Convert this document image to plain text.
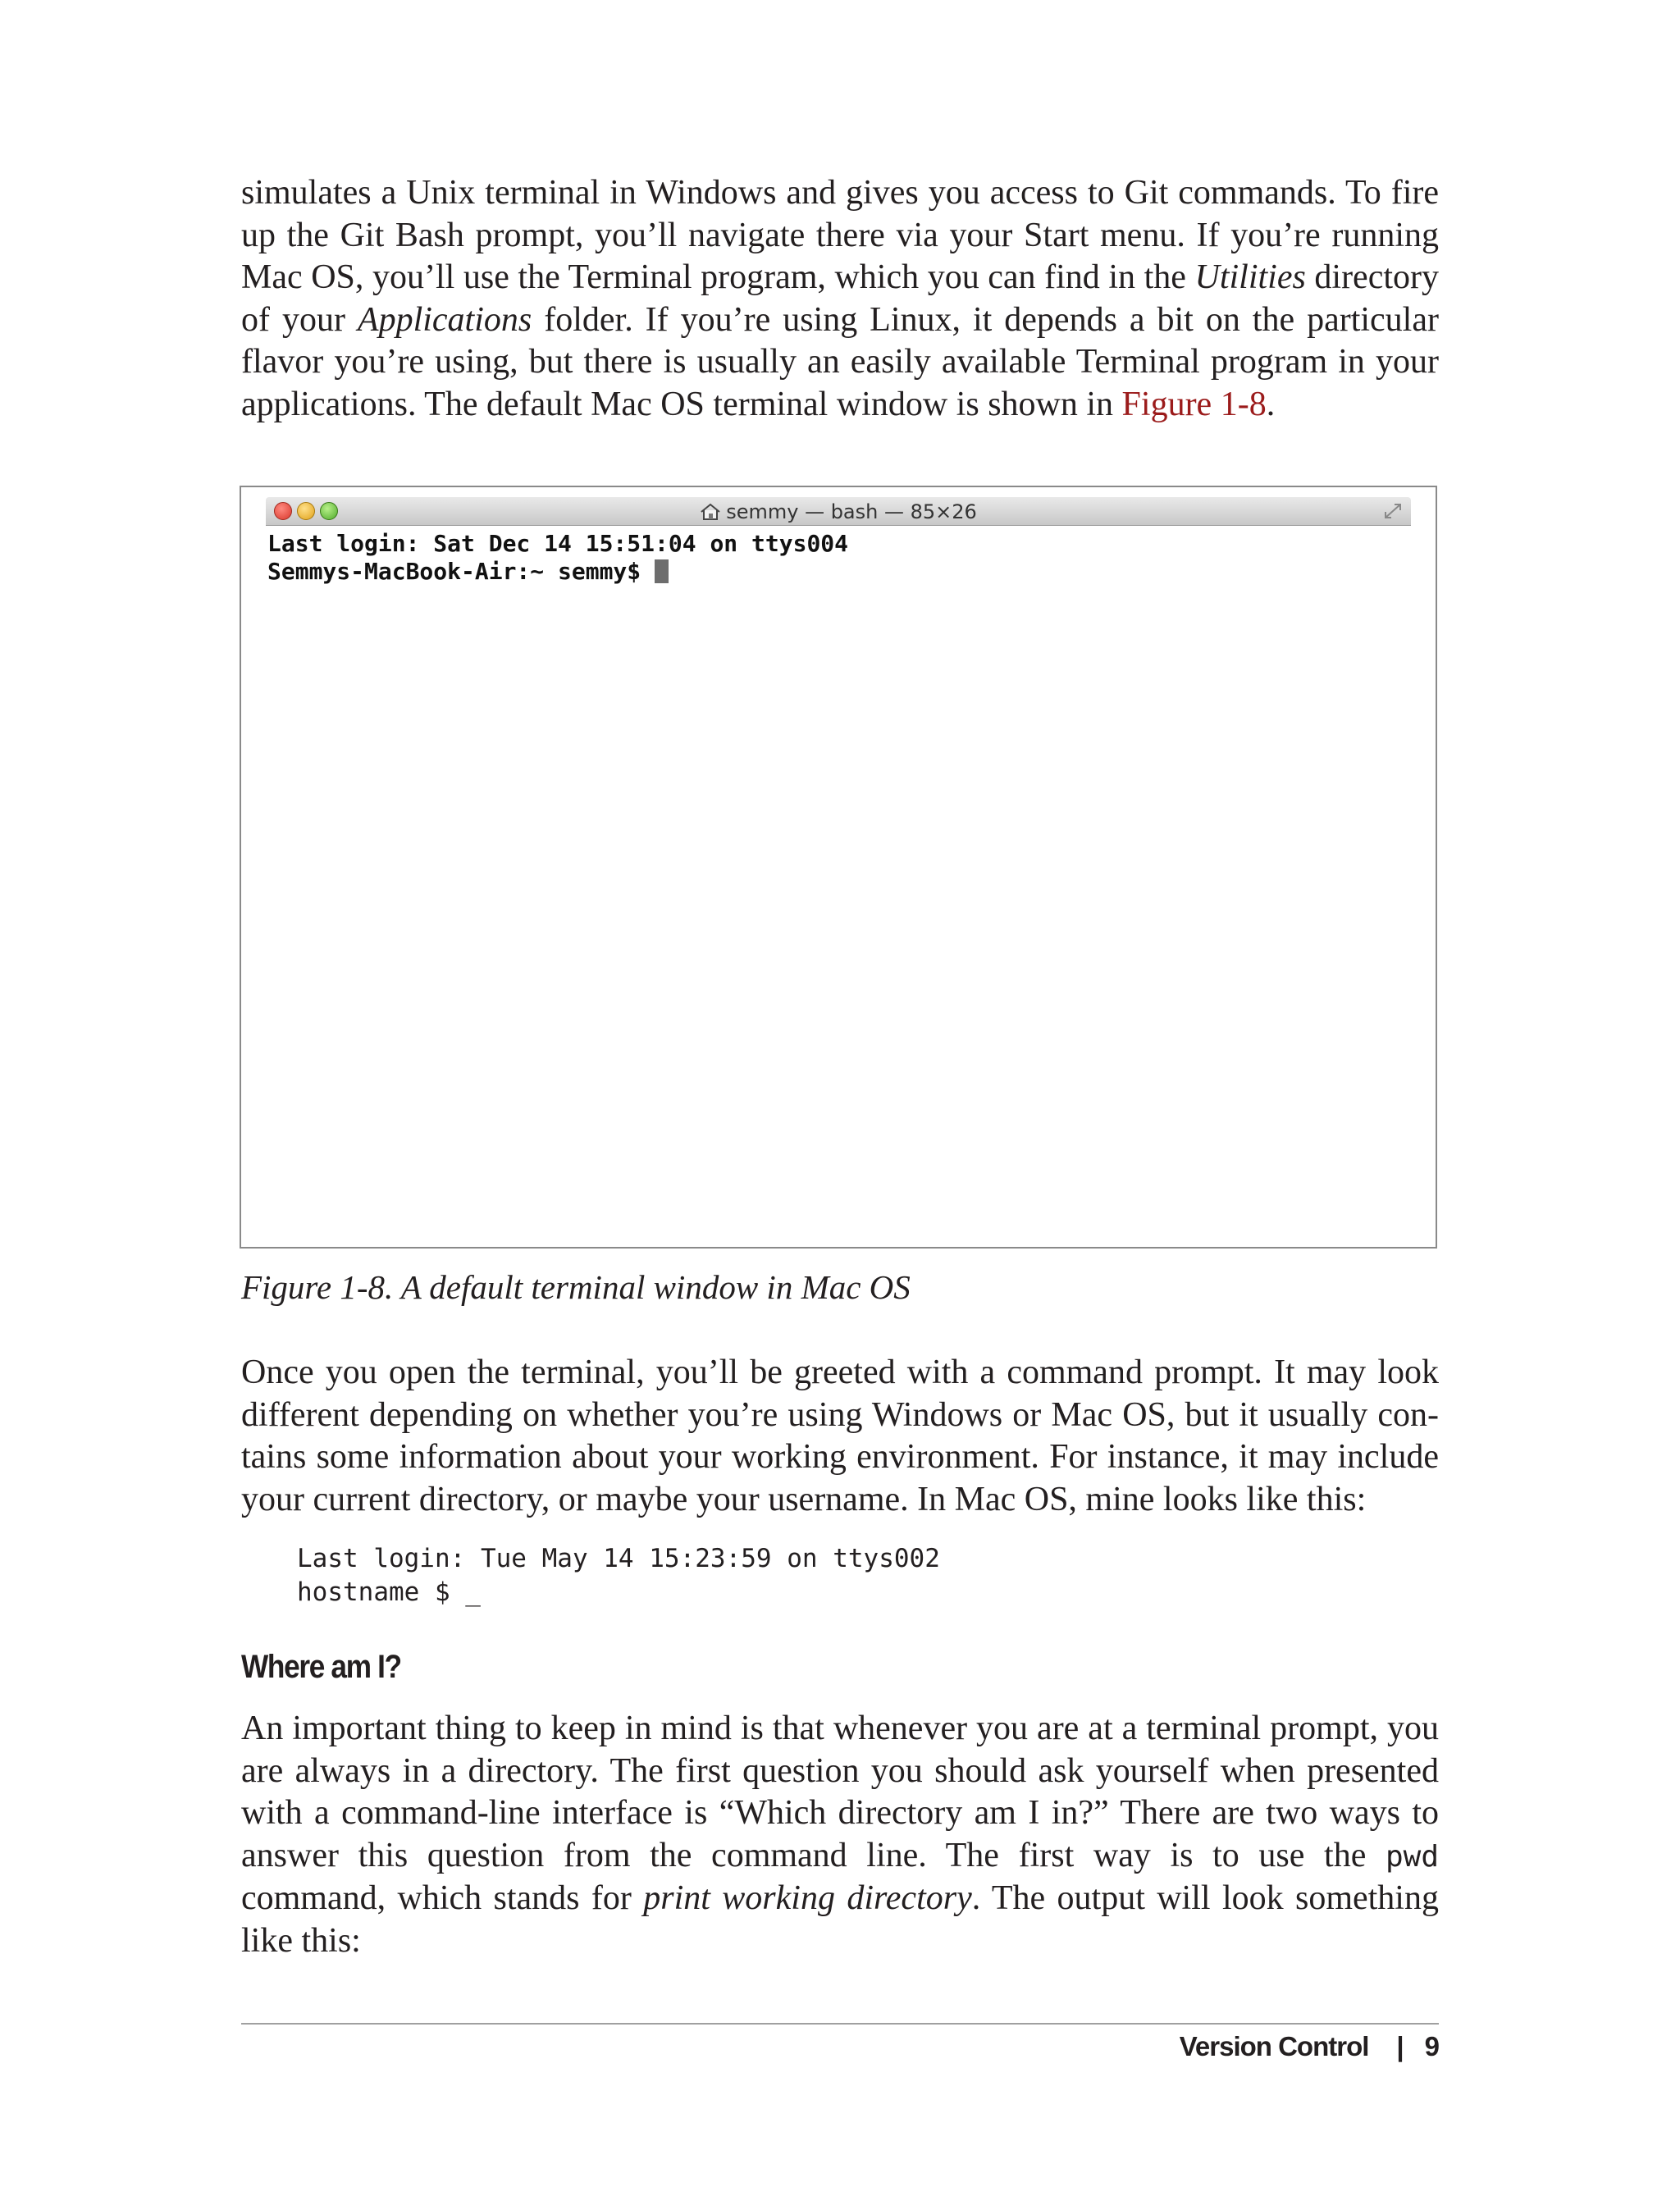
simulates a Unix terminal in Windows and gives you access to Git commands. To fire up the Git Bash prompt, you’ll navigate there via your Start menu. If you’re running Mac OS, you’ll use the Terminal program, which you can find in the Utilities directory of your Applications folder. If you’re using Linux, it depends a bit on the particular flavor you’re using, but there is usually an easily available Terminal program in your applications. The default Mac OS terminal window is shown in Figure 1-8.

semmy — bash — 85×26
Last login: Sat Dec 14 15:51:04 on ttys004
Semmys-MacBook-Air:~ semmy$

Figure 1-8. A default terminal window in Mac OS

Once you open the terminal, you’ll be greeted with a command prompt. It may look different depending on whether you’re using Windows or Mac OS, but it usually contains some information about your working environment. For instance, it may include your current directory, or maybe your username. In Mac OS, mine looks like this:

Last login: Tue May 14 15:23:59 on ttys002
hostname $ _
Where am I?

An important thing to keep in mind is that whenever you are at a terminal prompt, you are always in a directory. The first question you should ask yourself when presented with a command-line interface is “Which directory am I in?” There are two ways to answer this question from the command line. The first way is to use the pwd command, which stands for print working directory. The output will look something like this:

Version Control | 9
